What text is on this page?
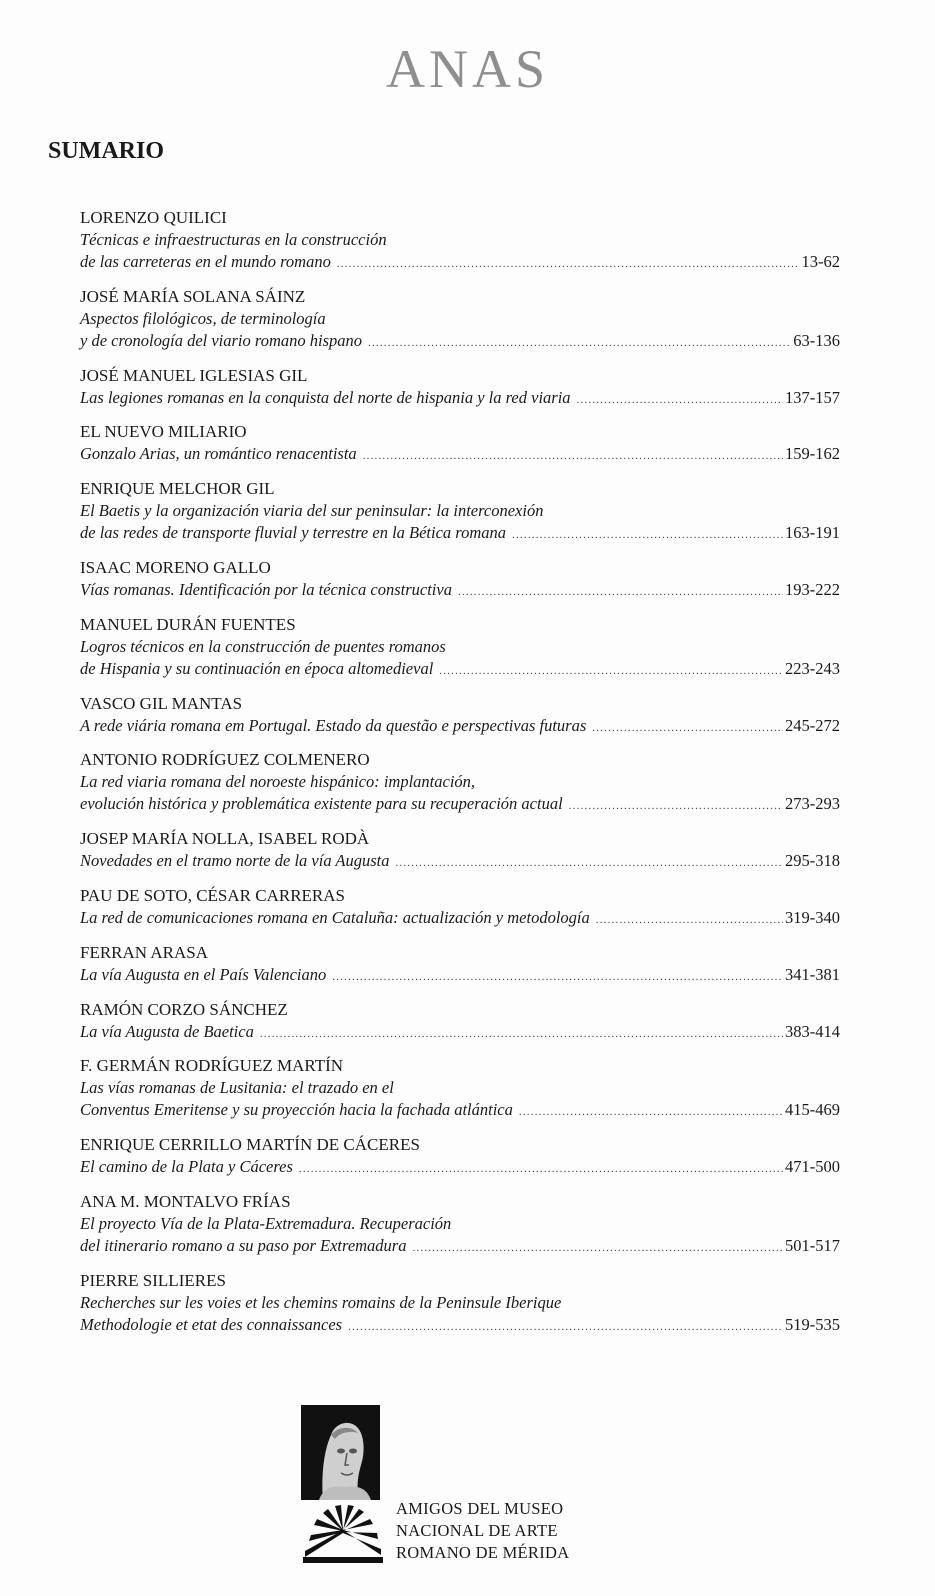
ANAS
SUMARIO
LORENZO QUILICI
Técnicas e infraestructuras en la construcción
de las carreteras en el mundo romano .....	13-62
JOSÉ MARÍA SOLANA SÁINZ
Aspectos filológicos, de terminología
y de cronología del viario romano hispano .....	63-136
JOSÉ MANUEL IGLESIAS GIL
Las legiones romanas en la conquista del norte de hispania y la red viaria .....	137-157
EL NUEVO MILIARIO
Gonzalo Arias, un romántico renacentista .....	159-162
ENRIQUE MELCHOR GIL
El Baetis y la organización viaria del sur peninsular: la interconexión
de las redes de transporte fluvial y terrestre en la Bética romana .....	163-191
ISAAC MORENO GALLO
Vías romanas. Identificación por la técnica constructiva .....	193-222
MANUEL DURÁN FUENTES
Logros técnicos en la construcción de puentes romanos
de Hispania y su continuación en época altomedieval .....	223-243
VASCO GIL MANTAS
A rede viária romana em Portugal. Estado da questão e perspectivas futuras .....	245-272
ANTONIO RODRÍGUEZ COLMENERO
La red viaria romana del noroeste hispánico: implantación,
evolución histórica y problemática existente para su recuperación actual .....	273-293
JOSEP MARÍA NOLLA, ISABEL RODÀ
Novedades en el tramo norte de la vía Augusta .....	295-318
PAU DE SOTO, CÉSAR CARRERAS
La red de comunicaciones romana en Cataluña: actualización y metodología .....	319-340
FERRAN ARASA
La vía Augusta en el País Valenciano .....	341-381
RAMÓN CORZO SÁNCHEZ
La vía Augusta de Baetica .....	383-414
F. GERMÁN RODRÍGUEZ MARTÍN
Las vías romanas de Lusitania: el trazado en el
Conventus Emeritense y su proyección hacia la fachada atlántica .....	415-469
ENRIQUE CERRILLO MARTÍN DE CÁCERES
El camino de la Plata y Cáceres .....	471-500
ANA M. MONTALVO FRÍAS
El proyecto Vía de la Plata-Extremadura. Recuperación
del itinerario romano a su paso por Extremadura .....	501-517
PIERRE SILLIERES
Recherches sur les voies et les chemins romains de la Peninsule Iberique
Methodologie et etat des connaissances .....	519-535
AMIGOS DEL MUSEO
NACIONAL DE ARTE
ROMANO DE MÉRIDA
